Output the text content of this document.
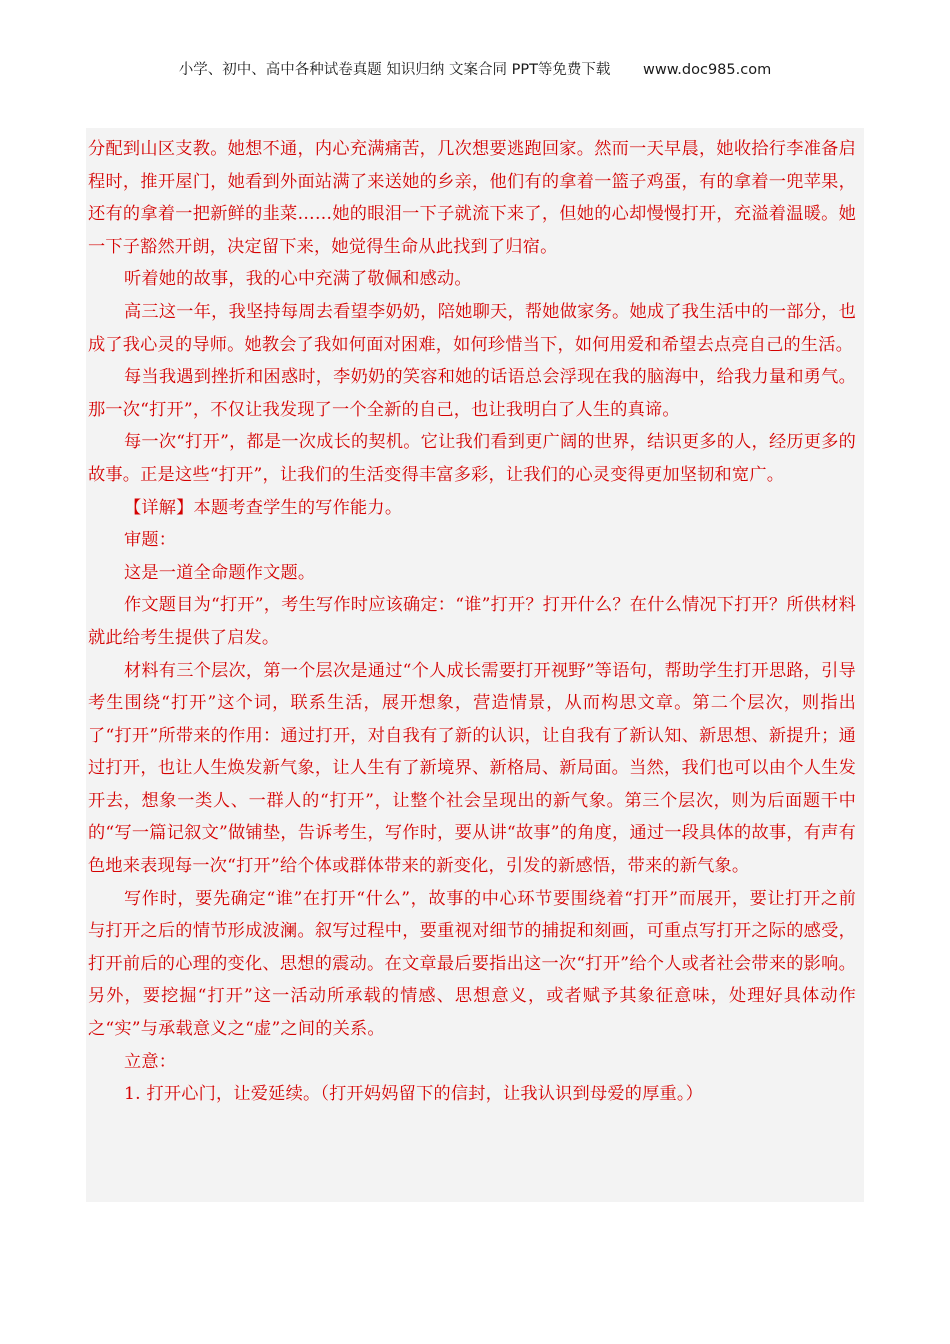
小学、初中、高中各种试卷真题 知识归纳 文案合同 PPT等免费下载 www.doc985.com

分配到山区支教。她想不通，内心充满痛苦，几次想要逃跑回家。然而一天早晨，她收拾行李准备启程时，推开屋门，她看到外面站满了来送她的乡亲，他们有的拿着一篮子鸡蛋，有的拿着一兜苹果，还有的拿着一把新鲜的韭菜……她的眼泪一下子就流下来了，但她的心却慢慢打开，充溢着温暖。她一下子豁然开朗，决定留下来，她觉得生命从此找到了归宿。

听着她的故事，我的心中充满了敬佩和感动。

高三这一年，我坚持每周去看望李奶奶，陪她聊天，帮她做家务。她成了我生活中的一部分，也成了我心灵的导师。她教会了我如何面对困难，如何珍惜当下，如何用爱和希望去点亮自己的生活。

每当我遇到挫折和困惑时，李奶奶的笑容和她的话语总会浮现在我的脑海中，给我力量和勇气。那一次“打开”，不仅让我发现了一个全新的自己，也让我明白了人生的真谛。

每一次“打开”，都是一次成长的契机。它让我们看到更广阔的世界，结识更多的人，经历更多的故事。正是这些“打开”，让我们的生活变得丰富多彩，让我们的心灵变得更加坚韧和宽广。

【详解】本题考查学生的写作能力。

审题：

这是一道全命题作文题。

作文题目为“打开”，考生写作时应该确定：“谁”打开？打开什么？在什么情况下打开？所供材料就此给考生提供了启发。

材料有三个层次，第一个层次是通过“个人成长需要打开视野”等语句，帮助学生打开思路，引导考生围绕“打开”这个词，联系生活，展开想象，营造情景，从而构思文章。第二个层次，则指出了“打开”所带来的作用：通过打开，对自我有了新的认识，让自我有了新认知、新思想、新提升；通过打开，也让人生焕发新气象，让人生有了新境界、新格局、新局面。当然，我们也可以由个人生发开去，想象一类人、一群人的“打开”，让整个社会呈现出的新气象。第三个层次，则为后面题干中的“写一篇记叙文”做铺垫，告诉考生，写作时，要从讲“故事”的角度，通过一段具体的故事，有声有色地来表现每一次“打开”给个体或群体带来的新变化，引发的新感悟，带来的新气象。

写作时，要先确定“谁”在打开“什么”，故事的中心环节要围绕着“打开”而展开，要让打开之前与打开之后的情节形成波澜。叙写过程中，要重视对细节的捕捉和刻画，可重点写打开之际的感受，打开前后的心理的变化、思想的震动。在文章最后要指出这一次“打开”给个人或者社会带来的影响。另外，要挖掘“打开”这一活动所承载的情感、思想意义，或者赋予其象征意味，处理好具体动作之“实”与承载意义之“虚”之间的关系。

立意：

1. 打开心门，让爱延续。（打开妈妈留下的信封，让我认识到母爱的厚重。）
